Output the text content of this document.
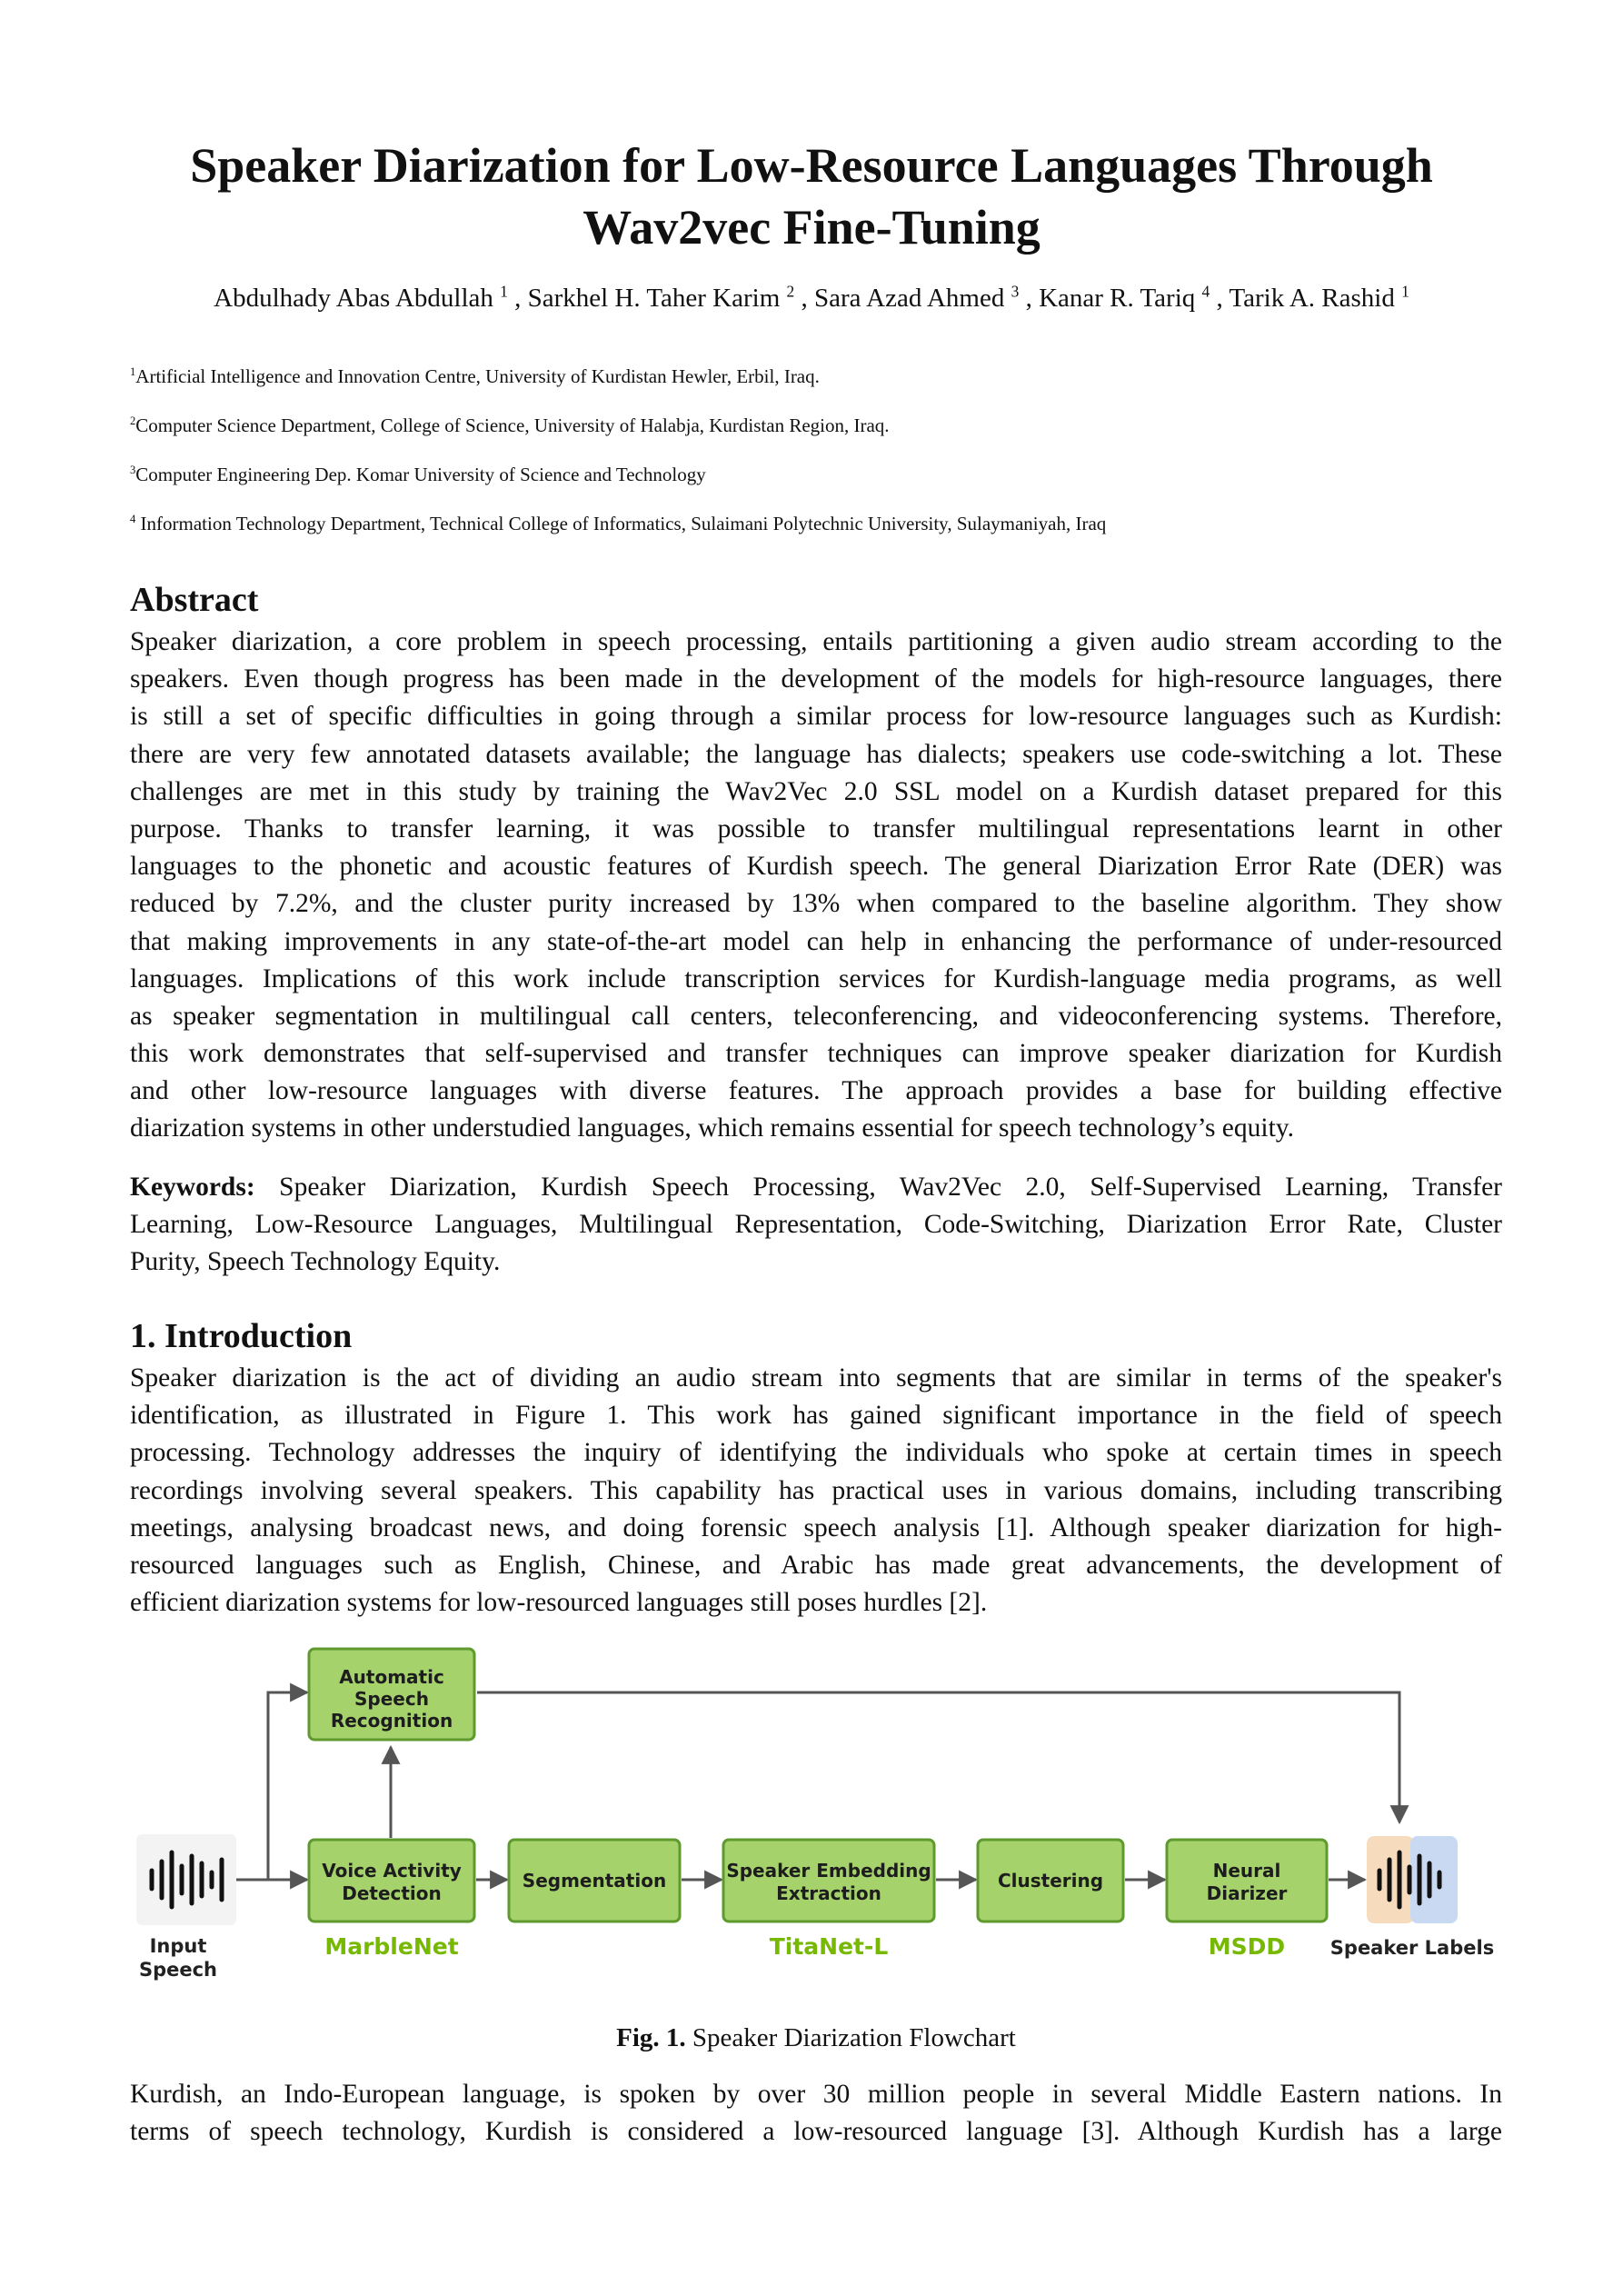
Speaker Diarization for Low-Resource Languages Through
Wav2vec Fine-Tuning
Abdulhady Abas Abdullah $^1$ , Sarkhel H. Taher Karim $^2$ , Sara Azad Ahmed $^3$ , Kanar R. Tariq $^4$ , Tarik A. Rashid $^1$
$^1$Artificial Intelligence and Innovation Centre, University of Kurdistan Hewler, Erbil, Iraq.
$^2$Computer Science Department, College of Science, University of Halabja, Kurdistan Region, Iraq.
$^3$Computer Engineering Dep. Komar University of Science and Technology
$^4$ Information Technology Department, Technical College of Informatics, Sulaimani Polytechnic University, Sulaymaniyah, Iraq
Abstract
Speaker diarization, a core problem in speech processing, entails partitioning a given audio stream according to the
speakers. Even though progress has been made in the development of the models for high-resource languages, there
is still a set of specific difficulties in going through a similar process for low-resource languages such as Kurdish:
there are very few annotated datasets available; the language has dialects; speakers use code-switching a lot. These
challenges are met in this study by training the Wav2Vec 2.0 SSL model on a Kurdish dataset prepared for this
purpose. Thanks to transfer learning, it was possible to transfer multilingual representations learnt in other
languages to the phonetic and acoustic features of Kurdish speech. The general Diarization Error Rate (DER) was
reduced by 7.2%, and the cluster purity increased by 13% when compared to the baseline algorithm. They show
that making improvements in any state-of-the-art model can help in enhancing the performance of under-resourced
languages. Implications of this work include transcription services for Kurdish-language media programs, as well
as speaker segmentation in multilingual call centers, teleconferencing, and videoconferencing systems. Therefore,
this work demonstrates that self-supervised and transfer techniques can improve speaker diarization for Kurdish
and other low-resource languages with diverse features. The approach provides a base for building effective
diarization systems in other understudied languages, which remains essential for speech technology’s equity.
Keywords: Speaker Diarization, Kurdish Speech Processing, Wav2Vec 2.0, Self-Supervised Learning, Transfer
Learning, Low-Resource Languages, Multilingual Representation, Code-Switching, Diarization Error Rate, Cluster
Purity, Speech Technology Equity.
1. Introduction
Speaker diarization is the act of dividing an audio stream into segments that are similar in terms of the speaker's
identification, as illustrated in Figure 1. This work has gained significant importance in the field of speech
processing. Technology addresses the inquiry of identifying the individuals who spoke at certain times in speech
recordings involving several speakers. This capability has practical uses in various domains, including transcribing
meetings, analysing broadcast news, and doing forensic speech analysis [1]. Although speaker diarization for high-
resourced languages such as English, Chinese, and Arabic has made great advancements, the development of
efficient diarization systems for low-resourced languages still poses hurdles [2].
Input
Speech
Automatic
Speech
Recognition
Voice Activity
Detection
MarbleNet
Segmentation	Speaker Embedding
Extraction
TitaNet-L
Clustering	Neural
Diarizer
MSDD Speaker Labels
Fig. 1. Speaker Diarization Flowchart
Kurdish, an Indo-European language, is spoken by over 30 million people in several Middle Eastern nations. In
terms of speech technology, Kurdish is considered a low-resourced language [3]. Although Kurdish has a large
